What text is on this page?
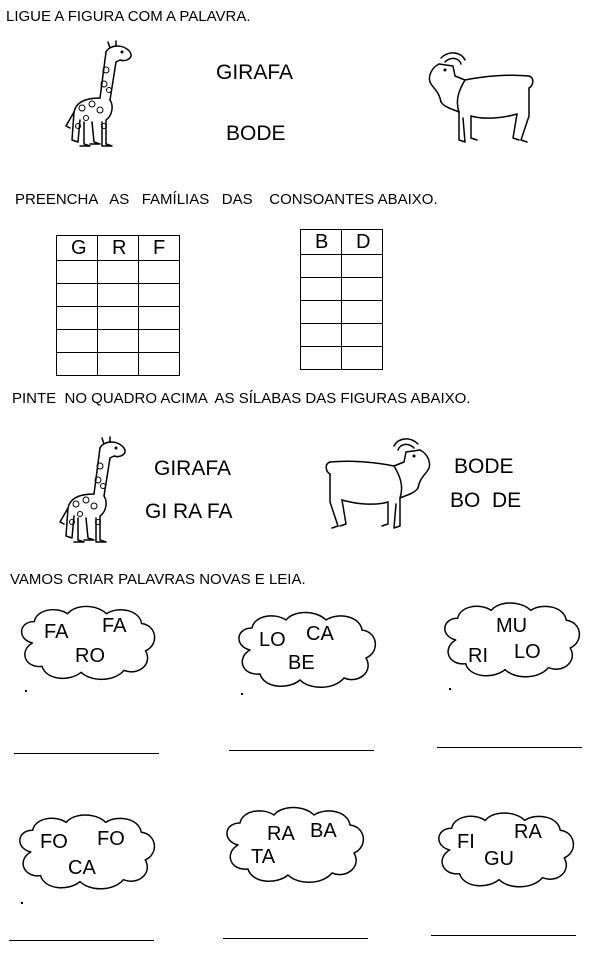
LIGUE A FIGURA COM A PALAVRA.
GIRAFA
BODE
PREENCHA   AS   FAMÍLIAS   DAS    CONSOANTES ABAIXO.
G	R	F

			B	D

PINTE  NO QUADRO ACIMA  AS SÍLABAS DAS FIGURAS ABAIXO.
GIRAFA
GI RA FA
BODE
BO  DE
VAMOS CRIAR PALAVRAS NOVAS E LEIA.
FA FA
RO
LO CA
BE
MU
RI LO
FO FO
CA
RA BA
TA
FI RA
GU
